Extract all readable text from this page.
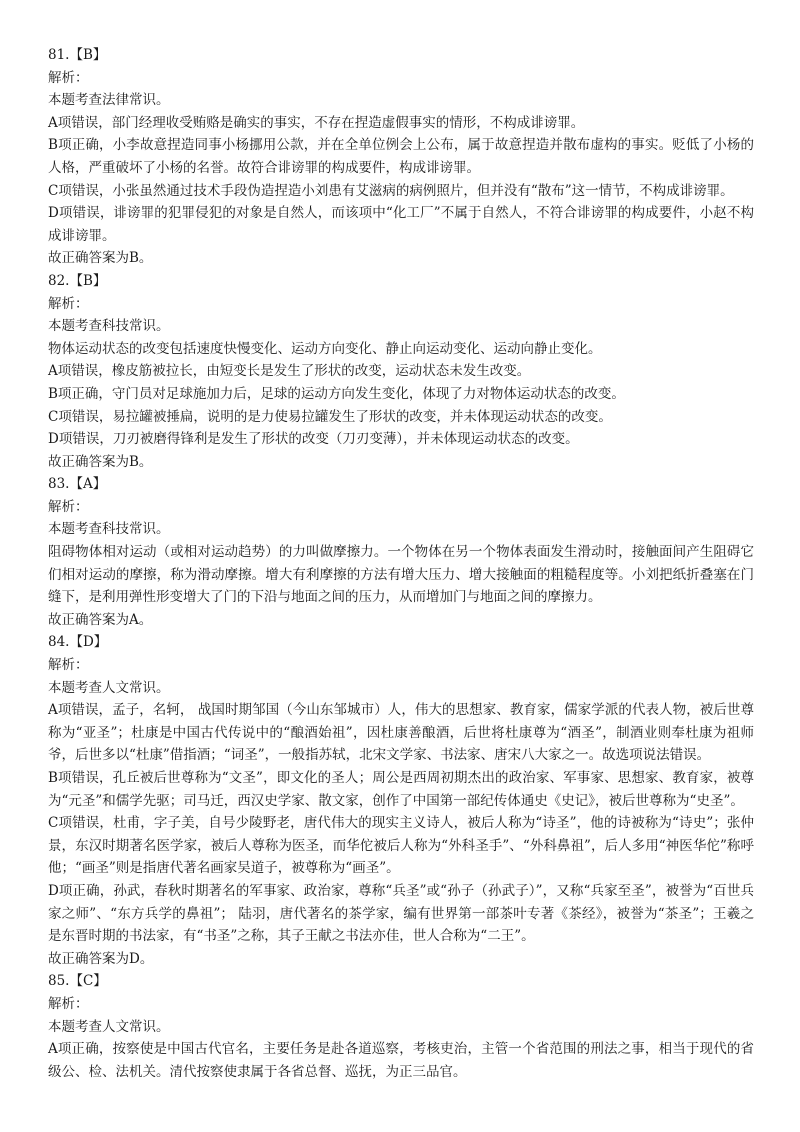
81.【B】

解析：

本题考查法律常识。

A项错误，部门经理收受贿赂是确实的事实，不存在捏造虚假事实的情形，不构成诽谤罪。

B项正确，小李故意捏造同事小杨挪用公款，并在全单位例会上公布，属于故意捏造并散布虚构的事实。贬低了小杨的人格，严重破坏了小杨的名誉。故符合诽谤罪的构成要件，构成诽谤罪。

C项错误，小张虽然通过技术手段伪造捏造小刘患有艾滋病的病例照片，但并没有“散布”这一情节，不构成诽谤罪。

D项错误，诽谤罪的犯罪侵犯的对象是自然人，而该项中“化工厂”不属于自然人，不符合诽谤罪的构成要件，小赵不构成诽谤罪。

故正确答案为B。

82.【B】

解析：

本题考查科技常识。

物体运动状态的改变包括速度快慢变化、运动方向变化、静止向运动变化、运动向静止变化。

A项错误，橡皮筋被拉长，由短变长是发生了形状的改变，运动状态未发生改变。

B项正确，守门员对足球施加力后，足球的运动方向发生变化，体现了力对物体运动状态的改变。

C项错误，易拉罐被捶扁，说明的是力使易拉罐发生了形状的改变，并未体现运动状态的改变。

D项错误，刀刃被磨得锋利是发生了形状的改变（刀刃变薄），并未体现运动状态的改变。

故正确答案为B。

83.【A】

解析：

本题考查科技常识。

阻碍物体相对运动（或相对运动趋势）的力叫做摩擦力。一个物体在另一个物体表面发生滑动时，接触面间产生阻碍它们相对运动的摩擦，称为滑动摩擦。增大有利摩擦的方法有增大压力、增大接触面的粗糙程度等。小刘把纸折叠塞在门缝下，是利用弹性形变增大了门的下沿与地面之间的压力，从而增加门与地面之间的摩擦力。

故正确答案为A。

84.【D】

解析：

本题考查人文常识。

A项错误，孟子，名轲， 战国时期邹国（今山东邹城市）人，伟大的思想家、教育家，儒家学派的代表人物，被后世尊称为“亚圣”；杜康是中国古代传说中的“酿酒始祖”，因杜康善酿酒，后世将杜康尊为“酒圣”，制酒业则奉杜康为祖师爷，后世多以“杜康”借指酒；“词圣”，一般指苏轼，北宋文学家、书法家、唐宋八大家之一。故选项说法错误。

B项错误，孔丘被后世尊称为“文圣”，即文化的圣人；周公是西周初期杰出的政治家、军事家、思想家、教育家，被尊为“元圣”和儒学先驱；司马迁，西汉史学家、散文家，创作了中国第一部纪传体通史《史记》，被后世尊称为“史圣”。

C项错误，杜甫，字子美，自号少陵野老，唐代伟大的现实主义诗人，被后人称为“诗圣”，他的诗被称为“诗史”；张仲景，东汉时期著名医学家，被后人尊称为医圣，而华佗被后人称为“外科圣手”、“外科鼻祖”，后人多用“神医华佗”称呼他；“画圣”则是指唐代著名画家吴道子，被尊称为“画圣”。

D项正确，孙武，春秋时期著名的军事家、政治家，尊称“兵圣”或“孙子（孙武子）”，又称“兵家至圣”，被誉为“百世兵家之师”、“东方兵学的鼻祖”； 陆羽，唐代著名的茶学家，编有世界第一部茶叶专著《茶经》，被誉为“茶圣”；王羲之是东晋时期的书法家，有“书圣”之称，其子王献之书法亦佳，世人合称为“二王”。

故正确答案为D。

85.【C】

解析：

本题考查人文常识。

A项正确，按察使是中国古代官名，主要任务是赴各道巡察，考核吏治，主管一个省范围的刑法之事，相当于现代的省级公、检、法机关。清代按察使隶属于各省总督、巡抚，为正三品官。
